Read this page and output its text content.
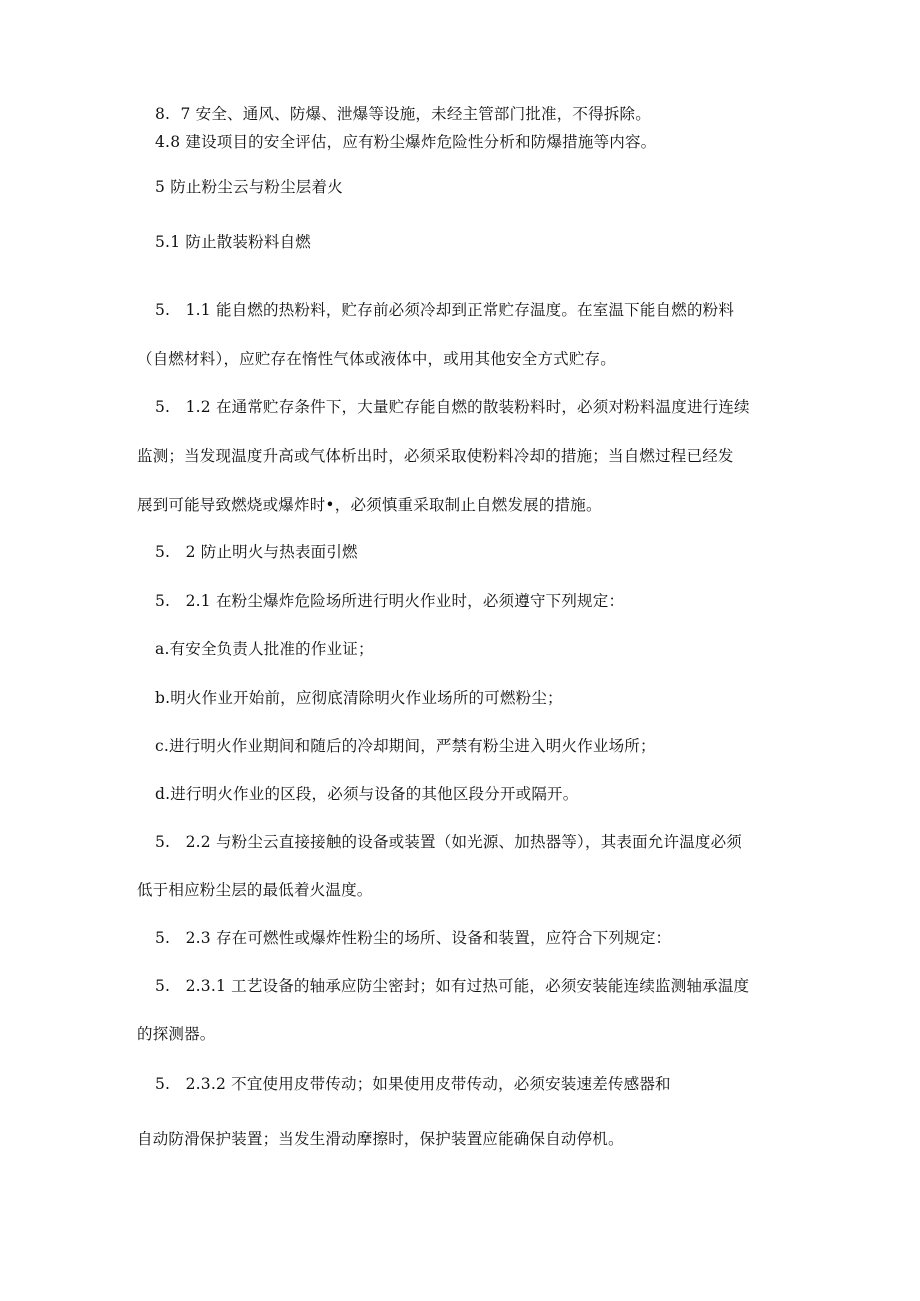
8.  7 安全、通风、防爆、泄爆等设施，未经主管部门批准，不得拆除。
4.8 建设项目的安全评估，应有粉尘爆炸危险性分析和防爆措施等内容。
5 防止粉尘云与粉尘层着火
5.1 防止散装粉料自燃
5.   1.1 能自燃的热粉料，贮存前必须冷却到正常贮存温度。在室温下能自燃的粉料
（自燃材料），应贮存在惰性气体或液体中，或用其他安全方式贮存。
5.   1.2 在通常贮存条件下，大量贮存能自燃的散装粉料时，必须对粉料温度进行连续
监测；当发现温度升高或气体析出时，必须采取使粉料冷却的措施；当自燃过程已经发
展到可能导致燃烧或爆炸时•，必须慎重采取制止自燃发展的措施。
5.   2 防止明火与热表面引燃
5.   2.1 在粉尘爆炸危险场所进行明火作业时，必须遵守下列规定：
a.有安全负责人批准的作业证；
b.明火作业开始前，应彻底清除明火作业场所的可燃粉尘；
c.进行明火作业期间和随后的冷却期间，严禁有粉尘进入明火作业场所；
d.进行明火作业的区段，必须与设备的其他区段分开或隔开。
5.   2.2 与粉尘云直接接触的设备或装置（如光源、加热器等），其表面允许温度必须
低于相应粉尘层的最低着火温度。
5.   2.3 存在可燃性或爆炸性粉尘的场所、设备和装置，应符合下列规定：
5.   2.3.1 工艺设备的轴承应防尘密封；如有过热可能，必须安装能连续监测轴承温度
的探测器。
5.   2.3.2 不宜使用皮带传动；如果使用皮带传动，必须安装速差传感器和
自动防滑保护装置；当发生滑动摩擦时，保护装置应能确保自动停机。
